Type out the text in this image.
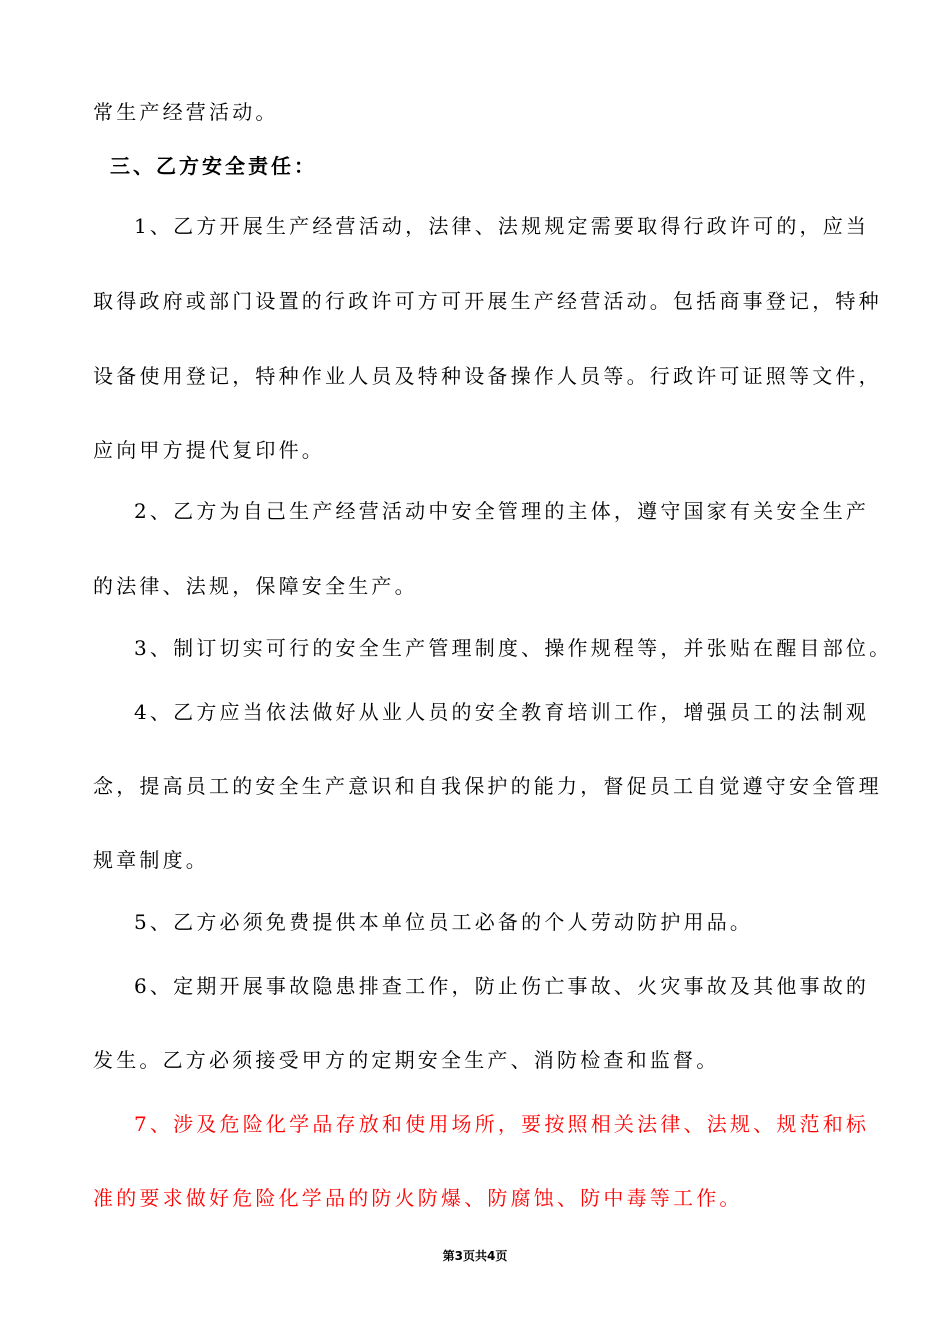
常生产经营活动。
三、乙方安全责任：
1、乙方开展生产经营活动，法律、法规规定需要取得行政许可的，应当
取得政府或部门设置的行政许可方可开展生产经营活动。包括商事登记，特种
设备使用登记，特种作业人员及特种设备操作人员等。行政许可证照等文件，
应向甲方提代复印件。
2、乙方为自己生产经营活动中安全管理的主体，遵守国家有关安全生产
的法律、法规，保障安全生产。
3、制订切实可行的安全生产管理制度、操作规程等，并张贴在醒目部位。
4、乙方应当依法做好从业人员的安全教育培训工作，增强员工的法制观
念，提高员工的安全生产意识和自我保护的能力，督促员工自觉遵守安全管理
规章制度。
5、乙方必须免费提供本单位员工必备的个人劳动防护用品。
6、定期开展事故隐患排查工作，防止伤亡事故、火灾事故及其他事故的
发生。乙方必须接受甲方的定期安全生产、消防检查和监督。
7、涉及危险化学品存放和使用场所，要按照相关法律、法规、规范和标
准的要求做好危险化学品的防火防爆、防腐蚀、防中毒等工作。
第3页共4页
